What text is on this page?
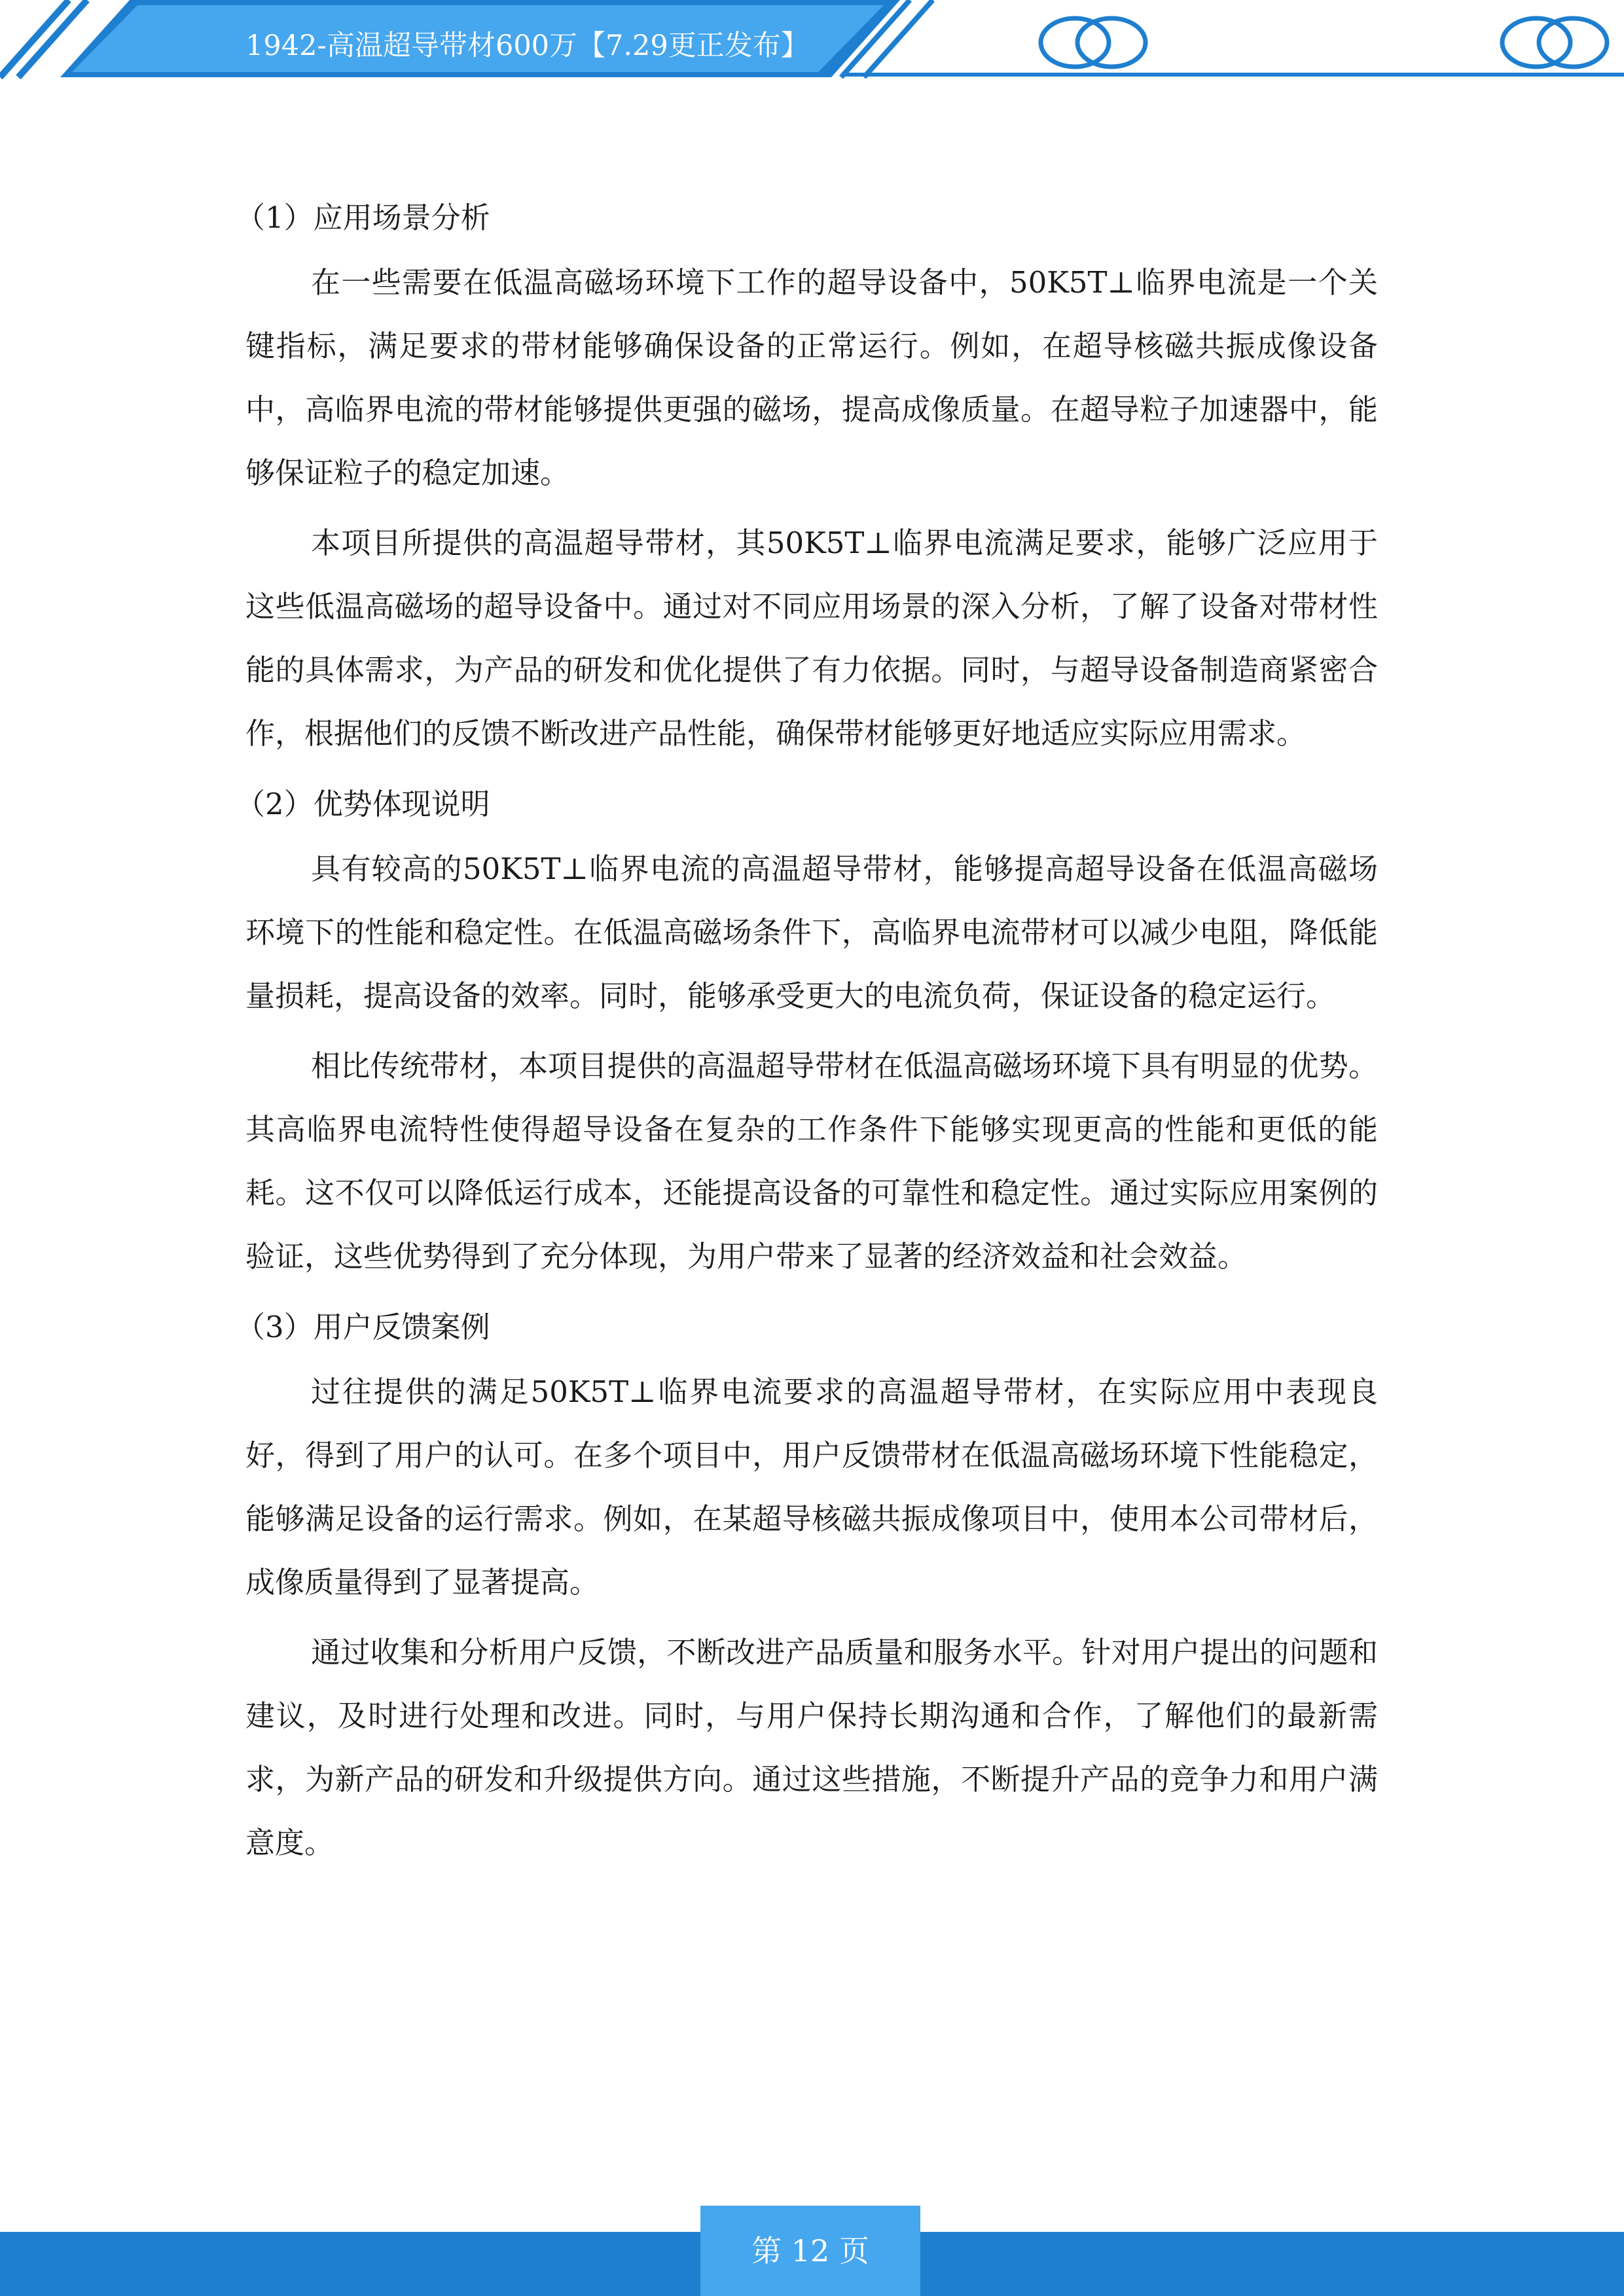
1942-高温超导带材600万【7.29更正发布】

（1）应用场景分析

在一些需要在低温高磁场环境下工作的超导设备中，50K5T⊥临界电流是一个关键指标，满足要求的带材能够确保设备的正常运行。例如，在超导核磁共振成像设备中，高临界电流的带材能够提供更强的磁场，提高成像质量。在超导粒子加速器中，能够保证粒子的稳定加速。

本项目所提供的高温超导带材，其50K5T⊥临界电流满足要求，能够广泛应用于这些低温高磁场的超导设备中。通过对不同应用场景的深入分析，了解了设备对带材性能的具体需求，为产品的研发和优化提供了有力依据。同时，与超导设备制造商紧密合作，根据他们的反馈不断改进产品性能，确保带材能够更好地适应实际应用需求。

（2）优势体现说明

具有较高的50K5T⊥临界电流的高温超导带材，能够提高超导设备在低温高磁场环境下的性能和稳定性。在低温高磁场条件下，高临界电流带材可以减少电阻，降低能量损耗，提高设备的效率。同时，能够承受更大的电流负荷，保证设备的稳定运行。

相比传统带材，本项目提供的高温超导带材在低温高磁场环境下具有明显的优势。其高临界电流特性使得超导设备在复杂的工作条件下能够实现更高的性能和更低的能耗。这不仅可以降低运行成本，还能提高设备的可靠性和稳定性。通过实际应用案例的验证，这些优势得到了充分体现，为用户带来了显著的经济效益和社会效益。

（3）用户反馈案例

过往提供的满足50K5T⊥临界电流要求的高温超导带材，在实际应用中表现良好，得到了用户的认可。在多个项目中，用户反馈带材在低温高磁场环境下性能稳定，能够满足设备的运行需求。例如，在某超导核磁共振成像项目中，使用本公司带材后，成像质量得到了显著提高。

通过收集和分析用户反馈，不断改进产品质量和服务水平。针对用户提出的问题和建议，及时进行处理和改进。同时，与用户保持长期沟通和合作，了解他们的最新需求，为新产品的研发和升级提供方向。通过这些措施，不断提升产品的竞争力和用户满意度。

第 12 页
